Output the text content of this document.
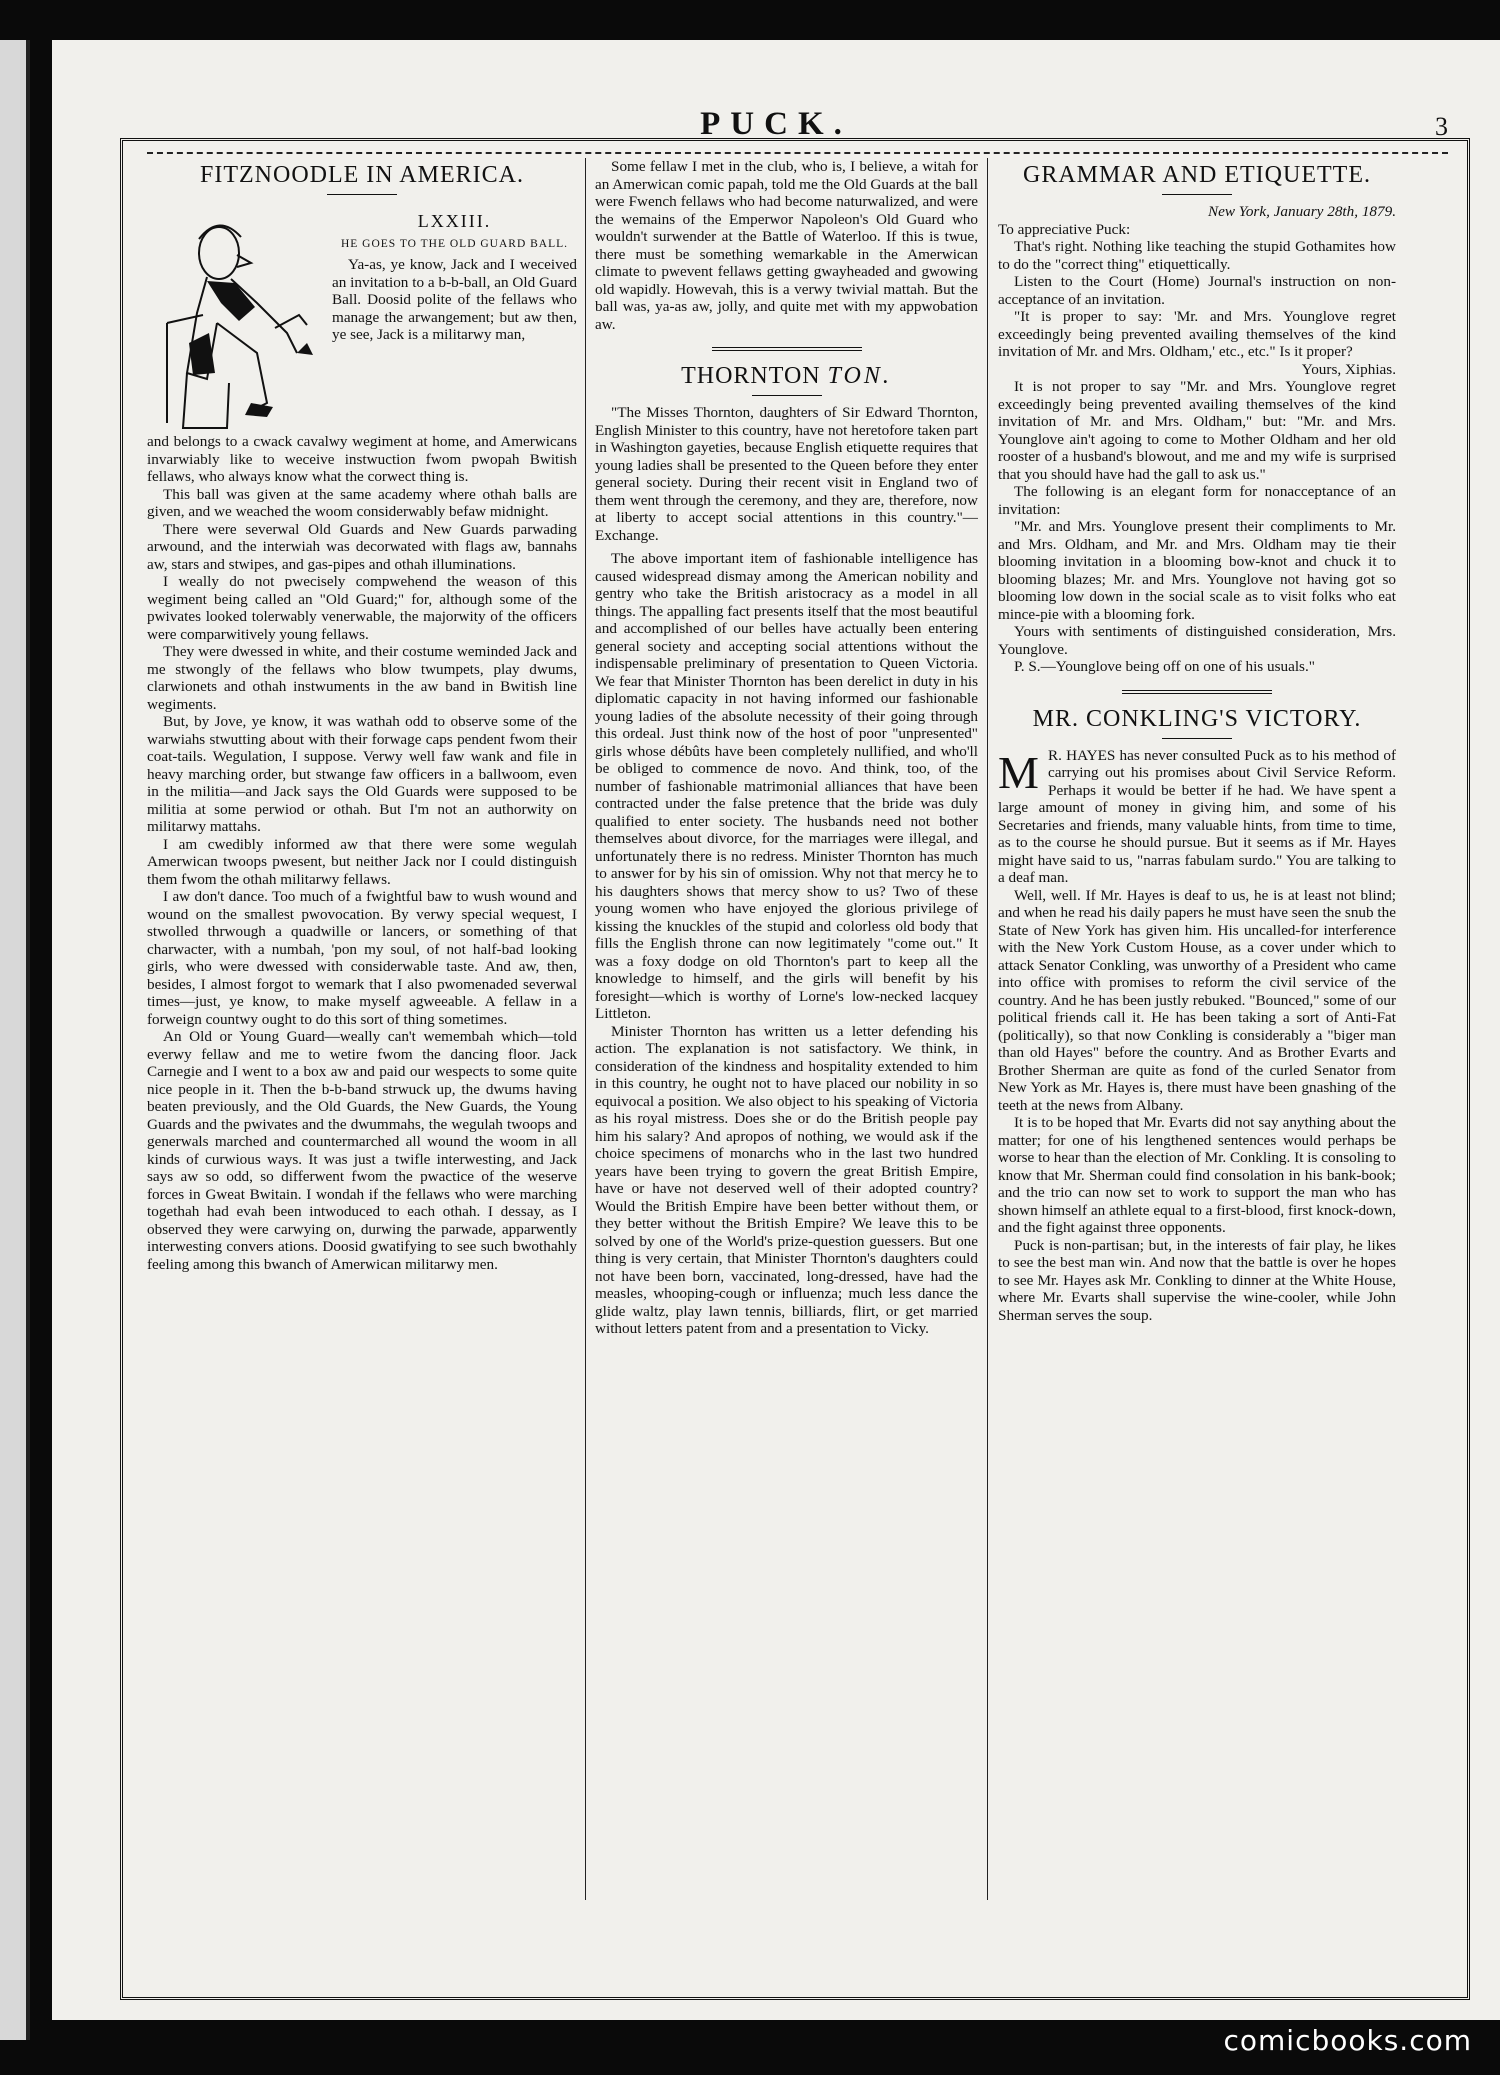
PUCK.	3
FITZNOODLE IN AMERICA.
LXXIII.
HE GOES TO THE OLD GUARD BALL.

Ya-as, ye know, Jack and I weceived an invitation to a b-b-ball, an Old Guard Ball. Doosid polite of the fellaws who manage the arwangement; but aw then, ye see, Jack is a militarwy man,

and belongs to a cwack cavalwy wegiment at home, and Amerwicans invarwiably like to weceive instwuction fwom pwopah Bwitish fellaws, who always know what the corwect thing is.

This ball was given at the same academy where othah balls are given, and we weached the woom considerwably befaw midnight.

There were severwal Old Guards and New Guards parwading arwound, and the interwiah was decorwated with flags aw, bannahs aw, stars and stwipes, and gas-pipes and othah illuminations.

I weally do not pwecisely compwehend the weason of this wegiment being called an "Old Guard;" for, although some of the pwivates looked tolerwably venerwable, the majorwity of the officers were comparwitively young fellaws.

They were dwessed in white, and their costume weminded Jack and me stwongly of the fellaws who blow twumpets, play dwums, clarwionets and othah instwuments in the aw band in Bwitish line wegiments.

But, by Jove, ye know, it was wathah odd to observe some of the warwiahs stwutting about with their forwage caps pendent fwom their coat-tails. Wegulation, I suppose. Verwy well faw wank and file in heavy marching order, but stwange faw officers in a ballwoom, even in the militia—and Jack says the Old Guards were supposed to be militia at some perwiod or othah. But I'm not an authorwity on militarwy mattahs.

I am cwedibly informed aw that there were some wegulah Amerwican twoops pwesent, but neither Jack nor I could distinguish them fwom the othah militarwy fellaws.

I aw don't dance. Too much of a fwightful baw to wush wound and wound on the smallest pwovocation. By verwy special wequest, I stwolled thrwough a quadwille or lancers, or something of that charwacter, with a numbah, 'pon my soul, of not half-bad looking girls, who were dwessed with considerwable taste. And aw, then, besides, I almost forgot to wemark that I also pwomenaded severwal times—just, ye know, to make myself agweeable. A fellaw in a forweign countwy ought to do this sort of thing sometimes.

An Old or Young Guard—weally can't wemembah which—told everwy fellaw and me to wetire fwom the dancing floor. Jack Carnegie and I went to a box aw and paid our wespects to some quite nice people in it. Then the b-b-band strwuck up, the dwums having beaten previously, and the Old Guards, the New Guards, the Young Guards and the pwivates and the dwummahs, the wegulah twoops and generwals marched and countermarched all wound the woom in all kinds of curwious ways. It was just a twifle interwesting, and Jack says aw so odd, so differwent fwom the pwactice of the weserve forces in Gweat Bwitain. I wondah if the fellaws who were marching togethah had evah been intwoduced to each othah. I dessay, as I observed they were carwying on, durwing the parwade, apparwently interwesting convers ations. Doosid gwatifying to see such bwothahly feeling among this bwanch of Amerwican militarwy men.

Some fellaw I met in the club, who is, I believe, a witah for an Amerwican comic papah, told me the Old Guards at the ball were Fwench fellaws who had become naturwalized, and were the wemains of the Emperwor Napoleon's Old Guard who wouldn't surwender at the Battle of Waterloo. If this is twue, there must be something wemarkable in the Amerwican climate to pwevent fellaws getting gwayheaded and gwowing old wapidly. Howevah, this is a verwy twivial mattah. But the ball was, ya-as aw, jolly, and quite met with my appwobation aw.

THORNTON TON.

"The Misses Thornton, daughters of Sir Edward Thornton, English Minister to this country, have not heretofore taken part in Washington gayeties, because English etiquette requires that young ladies shall be presented to the Queen before they enter general society. During their recent visit in England two of them went through the ceremony, and they are, therefore, now at liberty to accept social attentions in this country."—Exchange.

The above important item of fashionable intelligence has caused widespread dismay among the American nobility and gentry who take the British aristocracy as a model in all things. The appalling fact presents itself that the most beautiful and accomplished of our belles have actually been entering general society and accepting social attentions without the indispensable preliminary of presentation to Queen Victoria. We fear that Minister Thornton has been derelict in duty in his diplomatic capacity in not having informed our fashionable young ladies of the absolute necessity of their going through this ordeal. Just think now of the host of poor "unpresented" girls whose débûts have been completely nullified, and who'll be obliged to commence de novo. And think, too, of the number of fashionable matrimonial alliances that have been contracted under the false pretence that the bride was duly qualified to enter society. The husbands need not bother themselves about divorce, for the marriages were illegal, and unfortunately there is no redress. Minister Thornton has much to answer for by his sin of omission. Why not that mercy he to his daughters shows that mercy show to us? Two of these young women who have enjoyed the glorious privilege of kissing the knuckles of the stupid and colorless old body that fills the English throne can now legitimately "come out." It was a foxy dodge on old Thornton's part to keep all the knowledge to himself, and the girls will benefit by his foresight—which is worthy of Lorne's low-necked lacquey Littleton.

Minister Thornton has written us a letter defending his action. The explanation is not satisfactory. We think, in consideration of the kindness and hospitality extended to him in this country, he ought not to have placed our nobility in so equivocal a position. We also object to his speaking of Victoria as his royal mistress. Does she or do the British people pay him his salary? And apropos of nothing, we would ask if the choice specimens of monarchs who in the last two hundred years have been trying to govern the great British Empire, have or have not deserved well of their adopted country? Would the British Empire have been better without them, or they better without the British Empire? We leave this to be solved by one of the World's prize-question guessers. But one thing is very certain, that Minister Thornton's daughters could not have been born, vaccinated, long-dressed, have had the measles, whooping-cough or influenza; much less dance the glide waltz, play lawn tennis, billiards, flirt, or get married without letters patent from and a presentation to Vicky.

GRAMMAR AND ETIQUETTE.

New York, January 28th, 1879.

To appreciative Puck:

That's right. Nothing like teaching the stupid Gothamites how to do the "correct thing" etiquettically.

Listen to the Court (Home) Journal's instruction on non-acceptance of an invitation.

"It is proper to say: 'Mr. and Mrs. Younglove regret exceedingly being prevented availing themselves of the kind invitation of Mr. and Mrs. Oldham,' etc., etc." Is it proper?

Yours, Xiphias.

It is not proper to say "Mr. and Mrs. Younglove regret exceedingly being prevented availing themselves of the kind invitation of Mr. and Mrs. Oldham," but: "Mr. and Mrs. Younglove ain't agoing to come to Mother Oldham and her old rooster of a husband's blowout, and me and my wife is surprised that you should have had the gall to ask us."

The following is an elegant form for nonacceptance of an invitation:

"Mr. and Mrs. Younglove present their compliments to Mr. and Mrs. Oldham, and Mr. and Mrs. Oldham may tie their blooming invitation in a blooming bow-knot and chuck it to blooming blazes; Mr. and Mrs. Younglove not having got so blooming low down in the social scale as to visit folks who eat mince-pie with a blooming fork.

Yours with sentiments of distinguished consideration, Mrs. Younglove.

P. S.—Younglove being off on one of his usuals."

MR. CONKLING'S VICTORY.

M R. HAYES has never consulted Puck as to his method of carrying out his promises about Civil Service Reform. Perhaps it would be better if he had. We have spent a large amount of money in giving him, and some of his Secretaries and friends, many valuable hints, from time to time, as to the course he should pursue. But it seems as if Mr. Hayes might have said to us, "narras fabulam surdo." You are talking to a deaf man.

Well, well. If Mr. Hayes is deaf to us, he is at least not blind; and when he read his daily papers he must have seen the snub the State of New York has given him. His uncalled-for interference with the New York Custom House, as a cover under which to attack Senator Conkling, was unworthy of a President who came into office with promises to reform the civil service of the country. And he has been justly rebuked. "Bounced," some of our political friends call it. He has been taking a sort of Anti-Fat (politically), so that now Conkling is considerably a "biger man than old Hayes" before the country. And as Brother Evarts and Brother Sherman are quite as fond of the curled Senator from New York as Mr. Hayes is, there must have been gnashing of the teeth at the news from Albany.

It is to be hoped that Mr. Evarts did not say anything about the matter; for one of his lengthened sentences would perhaps be worse to hear than the election of Mr. Conkling. It is consoling to know that Mr. Sherman could find consolation in his bank-book; and the trio can now set to work to support the man who has shown himself an athlete equal to a first-blood, first knock-down, and the fight against three opponents.

Puck is non-partisan; but, in the interests of fair play, he likes to see the best man win. And now that the battle is over he hopes to see Mr. Hayes ask Mr. Conkling to dinner at the White House, where Mr. Evarts shall supervise the wine-cooler, while John Sherman serves the soup.

comicbooks.com
